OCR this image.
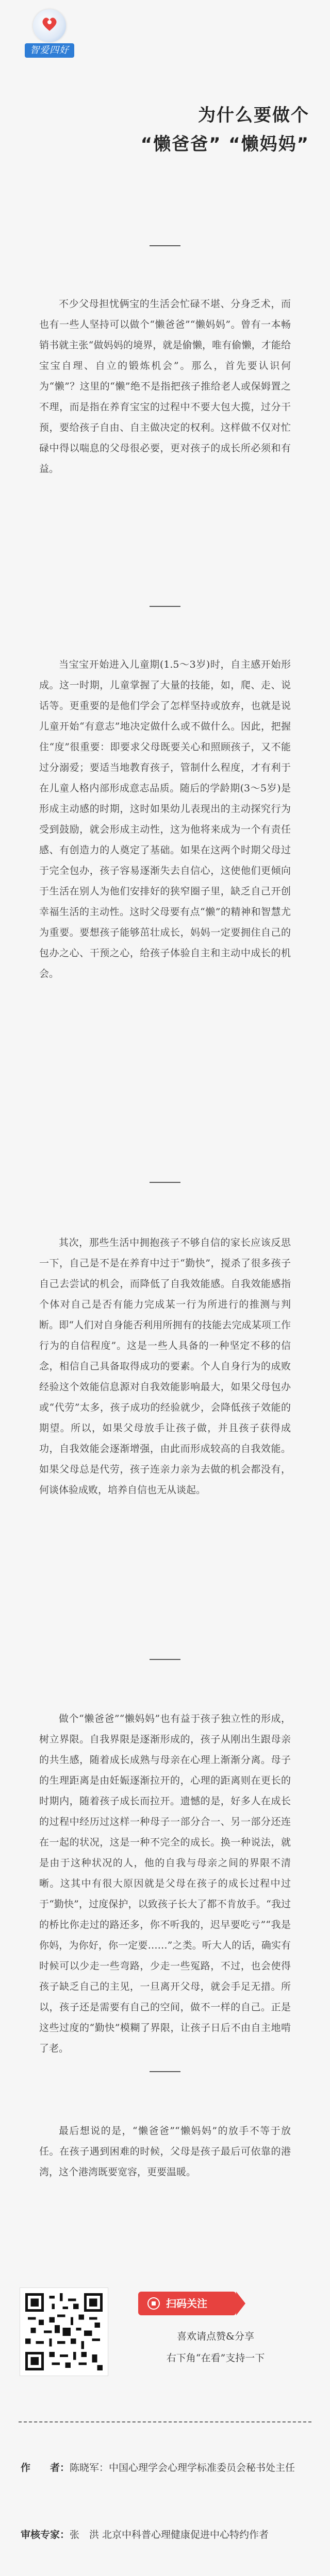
智爱四好
为什么要做个
“懒爸爸” “懒妈妈”

不少父母担忧俩宝的生活会忙碌不堪、分身乏术，而也有一些人坚持可以做个“懒爸爸”“懒妈妈”。曾有一本畅销书就主张“做妈妈的境界，就是偷懒，唯有偷懒，才能给宝宝自理、自立的锻炼机会”。那么，首先要认识何为“懒”？这里的“懒”绝不是指把孩子推给老人或保姆置之不理，而是指在养育宝宝的过程中不要大包大揽，过分干预，要给孩子自由、自主做决定的权利。这样做不仅对忙碌中得以喘息的父母很必要，更对孩子的成长所必须和有益。

当宝宝开始进入儿童期(1.5～3岁)时，自主感开始形成。这一时期，儿童掌握了大量的技能，如，爬、走、说话等。更重要的是他们学会了怎样坚持或放弃，也就是说儿童开始“有意志”地决定做什么或不做什么。因此，把握住“度”很重要：即要求父母既要关心和照顾孩子，又不能过分溺爱；要适当地教育孩子，管制什么程度，才有利于在儿童人格内部形成意志品质。随后的学龄期(3～5岁)是形成主动感的时期，这时如果幼儿表现出的主动探究行为受到鼓励，就会形成主动性，这为他将来成为一个有责任感、有创造力的人奠定了基础。如果在这两个时期父母过于完全包办，孩子容易逐渐失去自信心，这使他们更倾向于生活在别人为他们安排好的狭窄圈子里，缺乏自己开创幸福生活的主动性。这时父母要有点“懒”的精神和智慧尤为重要。要想孩子能够茁壮成长，妈妈一定要拥住自己的包办之心、干预之心，给孩子体验自主和主动中成长的机会。

其次，那些生活中拥抱孩子不够自信的家长应该反思一下，自己是不是在养育中过于“勤快”，搅杀了很多孩子自己去尝试的机会，而降低了自我效能感。自我效能感指个体对自己是否有能力完成某一行为所进行的推测与判断。即“人们对自身能否利用所拥有的技能去完成某项工作行为的自信程度”。这是一些人具备的一种坚定不移的信念，相信自己具备取得成功的要素。个人自身行为的成败经验这个效能信息源对自我效能影响最大，如果父母包办或“代劳”太多，孩子成功的经验就少，会降低孩子效能的期望。所以，如果父母放手让孩子做，并且孩子获得成功，自我效能会逐渐增强，由此而形成较高的自我效能。如果父母总是代劳，孩子连亲力亲为去做的机会都没有，何谈体验成败，培养自信也无从谈起。

做个“懒爸爸”“懒妈妈”也有益于孩子独立性的形成，树立界限。自我界限是逐渐形成的，孩子从刚出生跟母亲的共生感，随着成长成熟与母亲在心理上渐渐分离。母子的生理距离是由妊娠逐渐拉开的，心理的距离则在更长的时期内，随着孩子成长而拉开。遗憾的是，好多人在成长的过程中经历过这样一种母子一部分合一、另一部分还连在一起的状况，这是一种不完全的成长。换一种说法，就是由于这种状况的人，他的自我与母亲之间的界限不清晰。这其中有很大原因就是父母在孩子的成长过程中过于“勤快”，过度保护，以致孩子长大了都不肯放手。“我过的桥比你走过的路还多，你不听我的，迟早要吃亏”“我是你妈，为你好，你一定要……”之类。听大人的话，确实有时候可以少走一些弯路，少走一些冤路，不过，也会使得孩子缺乏自己的主见，一旦离开父母，就会手足无措。所以，孩子还是需要有自己的空间，做不一样的自己。正是这些过度的“勤快”模糊了界限，让孩子日后不由自主地啃了老。

最后想说的是，“懒爸爸”“懒妈妈”的放手不等于放任。在孩子遇到困难的时候，父母是孩子最后可依靠的港湾，这个港湾既要宽容，更要温暖。

扫码关注
喜欢请点赞&分享
右下角“在看”支持一下

作　　者：陈晓军：中国心理学会心理学标准委员会秘书处主任

审核专家：张　洪 北京中科普心理健康促进中心特约作者
